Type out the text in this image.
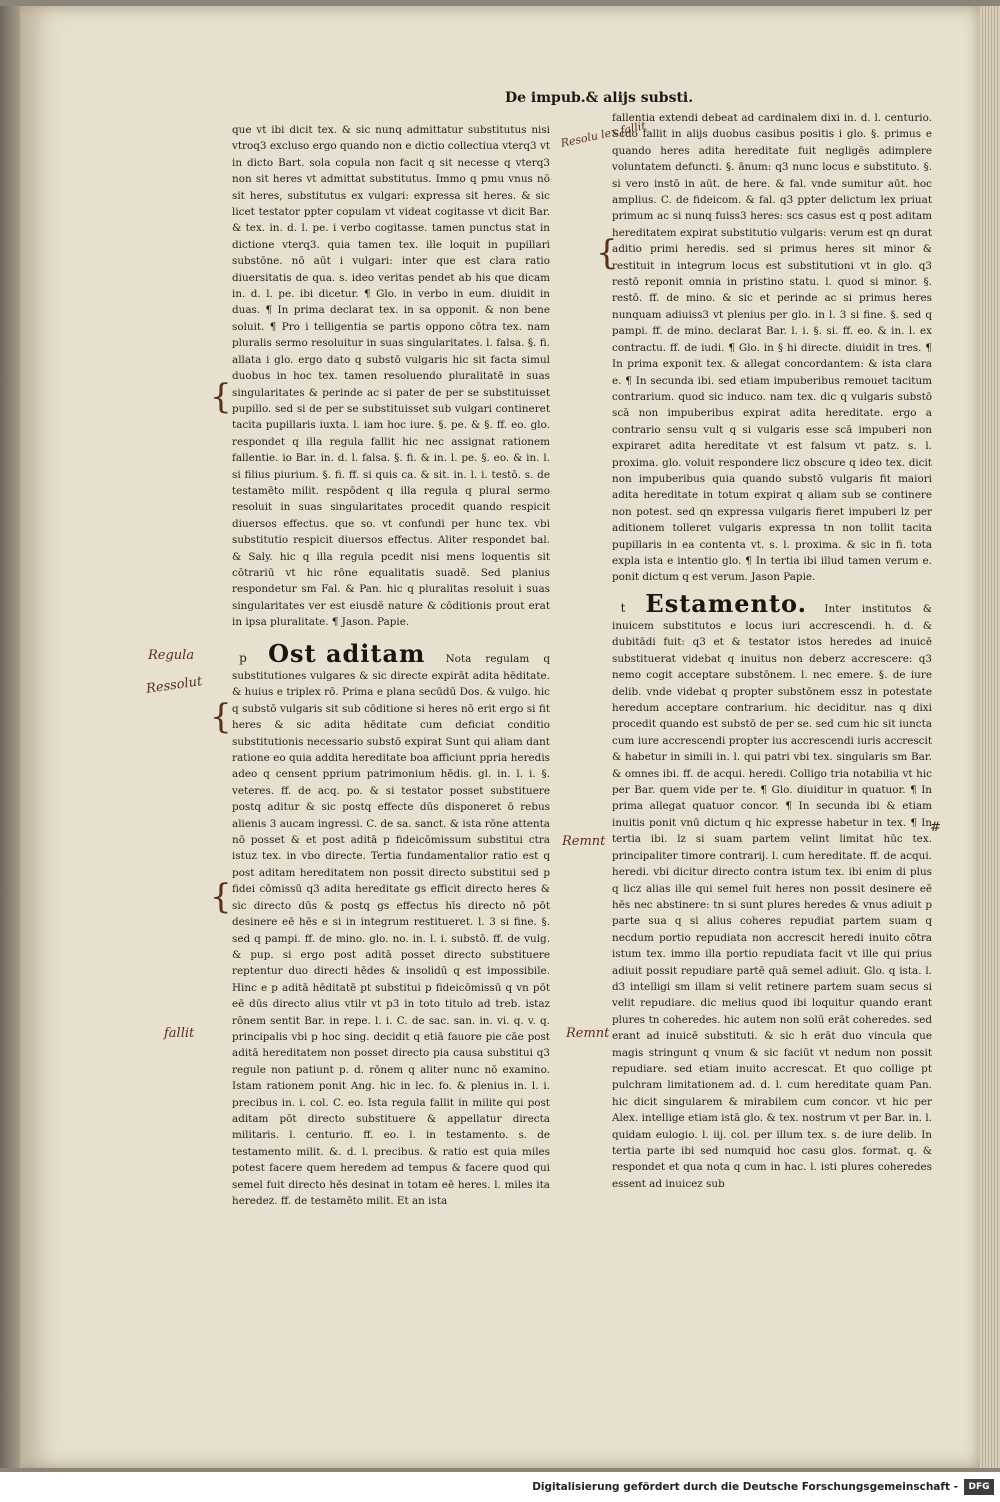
De impub.& alijs substi.

que vt ibi dicit tex. & sic nunq admittatur substitutus nisi vtroq3 excluso ergo quando non e dictio collectiua vterq3 vt in dicto Bart. sola copula non facit q sit necesse q vterq3 non sit heres vt admittat substitutus. Immo q pmu vnus nō sit heres, substitutus ex vulgari: expressa sit heres. & sic licet testator ppter copulam vt videat cogitasse vt dicit Bar. & tex. in. d. l. pe. i verbo cogitasse. tamen punctus stat in dictione vterq3. quia tamen tex. ille loquit in pupillari substōne. nō aūt i vulgari: inter que est clara ratio diuersitatis de qua. s. ideo veritas pendet ab his que dicam in. d. l. pe. ibi dicetur. ¶ Glo. in verbo in eum. diuidit in duas. ¶ In prima declarat tex. in sa opponit. & non bene soluit. ¶ Pro i telligentia se partis oppono cōtra tex. nam pluralis sermo resoluitur in suas singularitates. l. falsa. §. fi. allata i glo. ergo dato q substō vulgaris hic sit facta simul duobus in hoc tex. tamen resoluendo pluralitatē in suas singularitates & perinde ac si pater de per se substituisset pupillo. sed si de per se substituisset sub vulgari contineret tacita pupillaris iuxta. l. iam hoc iure. §. pe. & §. ff. eo. glo. respondet q illa regula fallit hic nec assignat rationem fallentie. io Bar. in. d. l. falsa. §. fi. & in. l. pe. §. eo. & in. l. si filius piurium. §. fi. ff. si quis ca. & sit. in. l. i. testō. s. de testamēto milit. respōdent q illa regula q plural sermo resoluit in suas singularitates procedit quando respicit diuersos effectus. que so. vt confundi per hunc tex. vbi substitutio respicit diuersos effectus. Aliter respondet bal. & Saly. hic q illa regula pcedit nisi mens loquentis sit cōtrariū vt hic rōne equalitatis suadē. Sed planius respondetur sm Fal. & Pan. hic q pluralitas resoluit i suas singularitates ver est eiusdē nature & cōditionis prout erat in ipsa pluralitate. ¶ Jason. Papie.

p Ost aditam Nota regulam q substitutiones vulgares & sic directe expirāt adita hēditate. & huius e triplex rō. Prima e plana secūdū Dos. & vulgo. hic q substō vulgaris sit sub cōditione si heres nō erit ergo si fit heres & sic adita hēditate cum deficiat conditio substitutionis necessario substō expirat Sunt qui aliam dant ratione eo quia addita hereditate boa afficiunt ppria heredis adeo q censent pprium patrimonium hēdis. gl. in. l. i. §. veteres. ff. de acq. po. & si testator posset substituere postq aditur & sic postq effecte dūs disponeret ō rebus alienis 3 aucam ingressi. C. de sa. sanct. & ista rōne attenta nō posset & et post aditā p fideicōmissum substitui ctra istuz tex. in vbo directe. Tertia fundamentalior ratio est q post aditam hereditatem non possit directo substitui sed p fidei cōmissū q3 adita hereditate gs efficit directo heres & sic directo dūs & postq gs effectus hīs directo nō pōt desinere eē hēs e si in integrum restitueret. l. 3 si fine. §. sed q pampi. ff. de mino. glo. no. in. l. i. substō. ff. de vulg. & pup. si ergo post aditā posset directo substituere reptentur duo directi hēdes & insolidū q est impossibile. Hinc e p aditā hēditatē pt substitui p fideicōmissū q vn pōt eē dūs directo alius vtilr vt p3 in toto titulo ad treb. istaz rōnem sentit Bar. in repe. l. i. C. de sac. san. in. vi. q. v. q. principalis vbi p hoc sing. decidit q etiā fauore pie cāe post aditā hereditatem non posset directo pia causa substitui q3 regule non patiunt p. d. rōnem q aliter nunc nō examino. Istam rationem ponit Ang. hic in lec. fo. & plenius in. l. i. precibus in. i. col. C. eo. Ista regula fallit in milite qui post aditam pōt directo substituere & appellatur directa militaris. l. centurio. ff. eo. l. in testamento. s. de testamento milit. &. d. l. precibus. & ratio est quia miles potest facere quem heredem ad tempus & facere quod qui semel fuit directo hēs desinat in totam eē heres. l. miles ita heredez. ff. de testamēto milit. Et an ista

fallentia extendi debeat ad cardinalem dixi in. d. l. centurio. Scdo fallit in alijs duobus casibus positis i glo. §. primus e quando heres adita hereditate fuit negligēs adimplere voluntatem defuncti. §. ānum: q3 nunc locus e substituto. §. si vero instō in aūt. de here. & fal. vnde sumitur aūt. hoc amplius. C. de fideicom. & fal. q3 ppter delictum lex priuat primum ac si nunq fuiss3 heres: scs casus est q post aditam hereditatem expirat substitutio vulgaris: verum est qn durat aditio primi heredis. sed si primus heres sit minor & restituit in integrum locus est substitutioni vt in glo. q3 restō reponit omnia in pristino statu. l. quod si minor. §. restō. ff. de mino. & sic et perinde ac si primus heres nunquam adiuiss3 vt plenius per glo. in l. 3 si fine. §. sed q pampi. ff. de mino. declarat Bar. l. i. §. si. ff. eo. & in. l. ex contractu. ff. de iudi. ¶ Glo. in § hi directe. diuidit in tres. ¶ In prima exponit tex. & allegat concordantem: & ista clara e. ¶ In secunda ibi. sed etiam impuberibus remouet tacitum contrarium. quod sic induco. nam tex. dic q vulgaris substō scā non impuberibus expirat adita hereditate. ergo a contrario sensu vult q si vulgaris esse scā impuberi non expiraret adita hereditate vt est falsum vt patz. s. l. proxima. glo. voluit respondere licz obscure q ideo tex. dicit non impuberibus quia quando substō vulgaris fit maiori adita hereditate in totum expirat q aliam sub se continere non potest. sed qn expressa vulgaris fieret impuberi lz per aditionem tolleret vulgaris expressa tn non tollit tacita pupillaris in ea contenta vt. s. l. proxima. & sic in fi. tota expla ista e intentio glo. ¶ In tertia ibi illud tamen verum e. ponit dictum q est verum. Jason Papie.

t Estamento. Inter institutos & inuicem substitutos e locus iuri accrescendi. h. d. & dubitādi fuit: q3 et & testator istos heredes ad inuicē substituerat videbat q inuitus non deberz accrescere: q3 nemo cogit acceptare substōnem. l. nec emere. §. de iure delib. vnde videbat q propter substōnem essz in potestate heredum acceptare contrarium. hic deciditur. nas q dixi procedit quando est substō de per se. sed cum hic sit iuncta cum iure accrescendi propter ius accrescendi iuris accrescit & habetur in simili in. l. qui patri vbi tex. singularis sm Bar. & omnes ibi. ff. de acqui. heredi. Colligo tria notabilia vt hic per Bar. quem vide per te. ¶ Glo. diuiditur in quatuor. ¶ In prima allegat quatuor concor. ¶ In secunda ibi & etiam inuitis ponit vnū dictum q hic expresse habetur in tex. ¶ In tertia ibi. lz si suam partem velint limitat hūc tex. principaliter timore contrarij. l. cum hereditate. ff. de acqui. heredi. vbi dicitur directo contra istum tex. ibi enim di plus q licz alias ille qui semel fuit heres non possit desinere eē hēs nec abstinere: tn si sunt plures heredes & vnus adiuit p parte sua q si alius coheres repudiat partem suam q necdum portio repudiata non accrescit heredi inuito cōtra istum tex. immo illa portio repudiata facit vt ille qui prius adiuit possit repudiare partē quā semel adiuit. Glo. q ista. l. d3 intelligi sm illam si velit retinere partem suam secus si velit repudiare. dic melius quod ibi loquitur quando erant plures tn coheredes. hic autem non solū erāt coheredes. sed erant ad inuicē substituti. & sic h erāt duo vincula que magis stringunt q vnum & sic faciūt vt nedum non possit repudiare. sed etiam inuito accrescat. Et quo collige pt pulchram limitationem ad. d. l. cum hereditate quam Pan. hic dicit singularem & mirabilem cum concor. vt hic per Alex. intellige etiam istā glo. & tex. nostrum vt per Bar. in. l. quidam eulogio. l. iij. col. per illum tex. s. de iure delib. In tertia parte ibi sed numquid hoc casu glos. format. q. & respondet et qua nota q cum in hac. l. isti plures coheredes essent ad inuicez sub
Regula
Ressolut
fallit
Remnt
Remnt
Resolu lex fallit
#
{
{
{
{
Digitalisierung gefördert durch die Deutsche Forschungsgemeinschaft -	DFG
